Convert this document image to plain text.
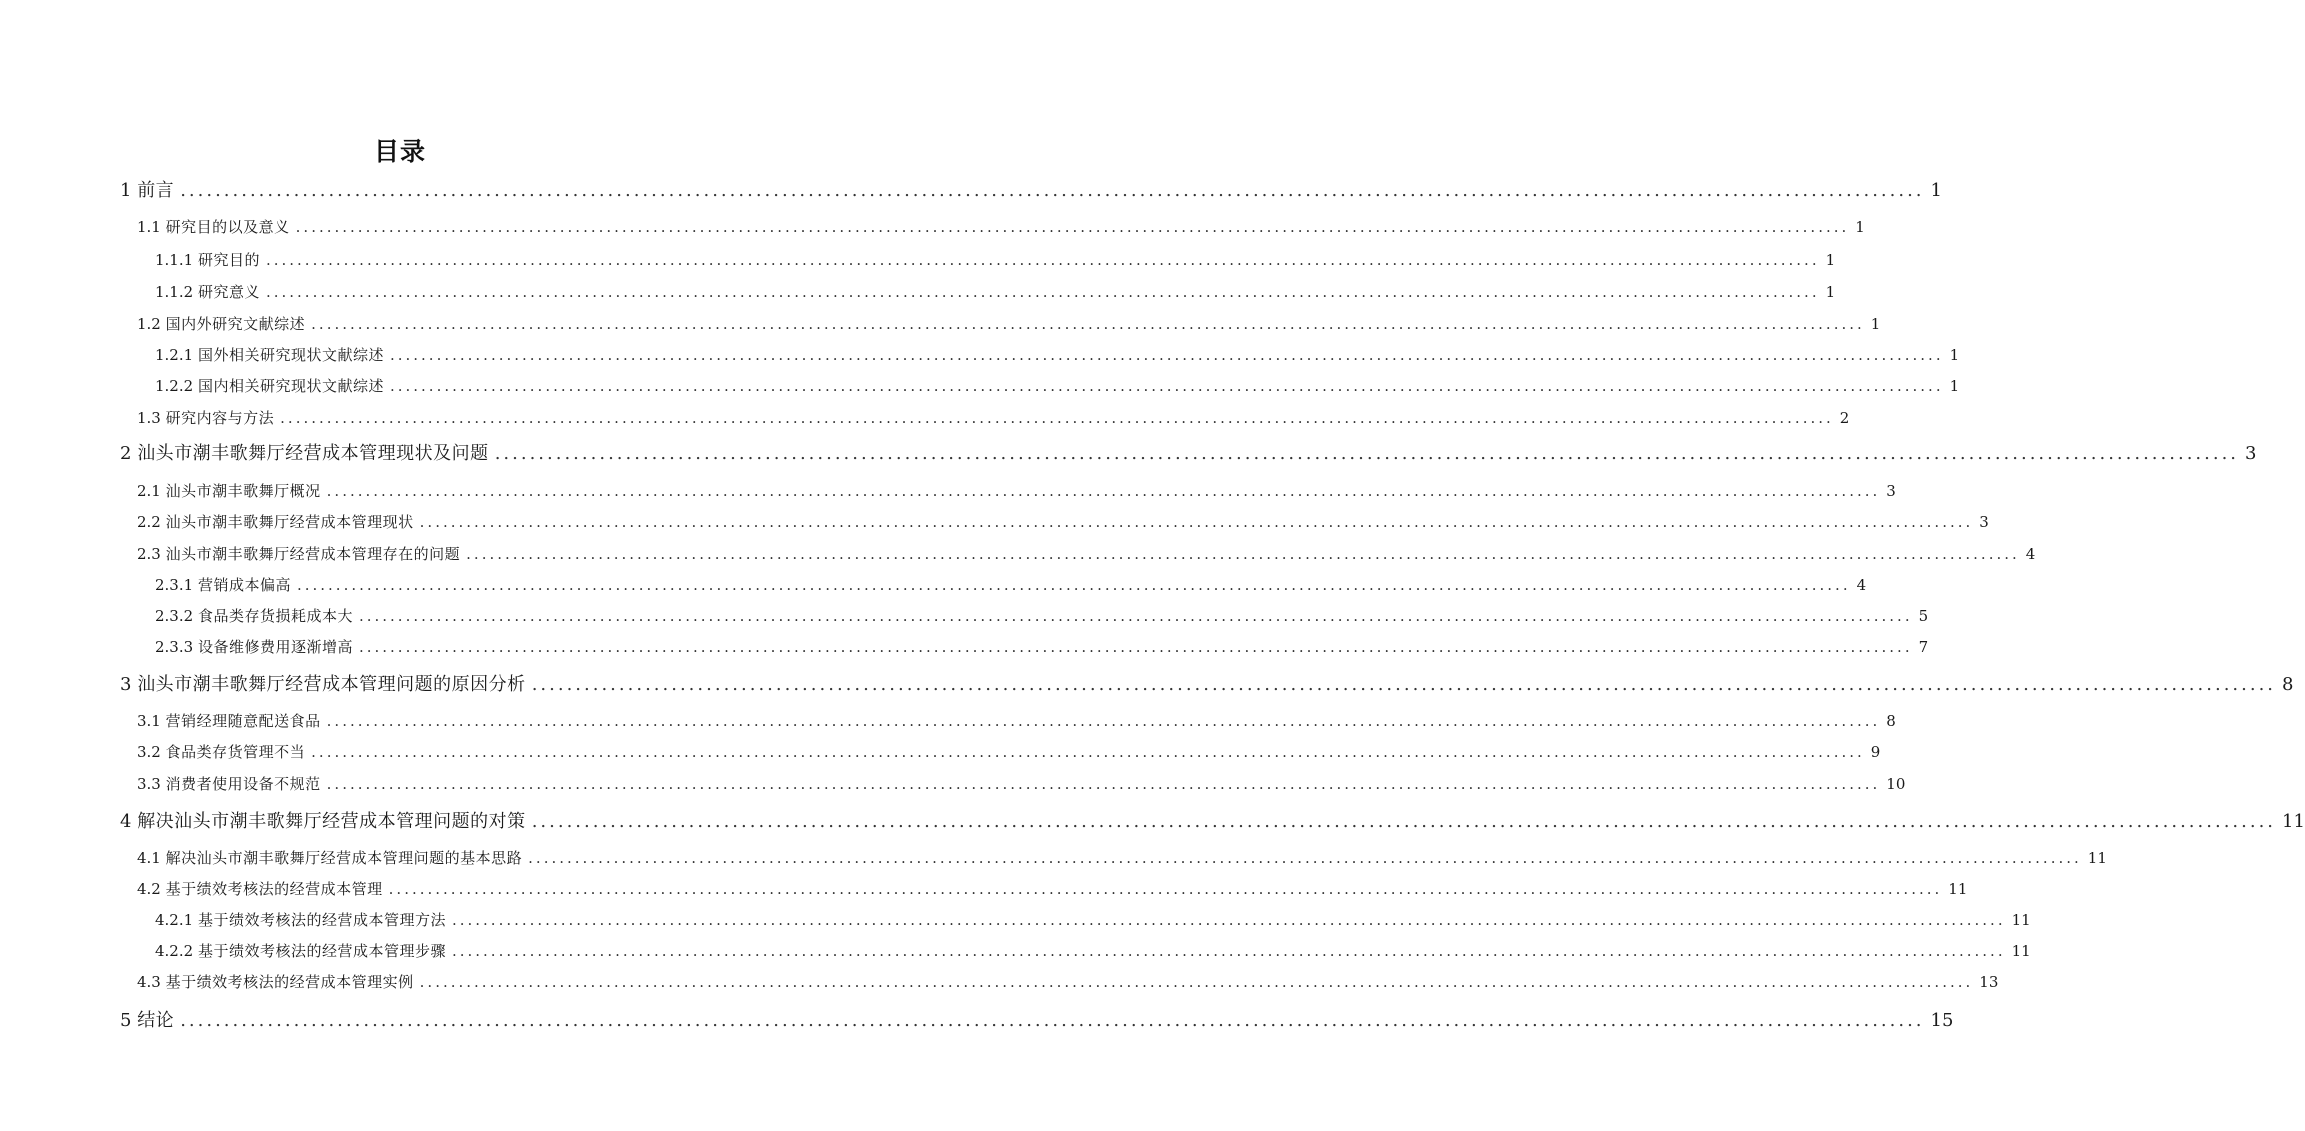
目录
1
前言 ........................................................................................................................................................................................................ 1
1.1
研究目的以及意义 ........................................................................................................................................................................................................ 1
1.1.1
研究目的 ........................................................................................................................................................................................................ 1
1.1.2
研究意义 ........................................................................................................................................................................................................ 1
1.2
国内外研究文献综述 ........................................................................................................................................................................................................ 1
1.2.1
国外相关研究现状文献综述 ........................................................................................................................................................................................................ 1
1.2.2
国内相关研究现状文献综述 ........................................................................................................................................................................................................ 1
1.3
研究内容与方法 ........................................................................................................................................................................................................ 2
2
汕头市潮丰歌舞厅经营成本管理现状及问题 ........................................................................................................................................................................................................ 3
2.1
汕头市潮丰歌舞厅概况 ........................................................................................................................................................................................................ 3
2.2
汕头市潮丰歌舞厅经营成本管理现状 ........................................................................................................................................................................................................ 3
2.3
汕头市潮丰歌舞厅经营成本管理存在的问题 ........................................................................................................................................................................................................ 4
2.3.1
营销成本偏高 ........................................................................................................................................................................................................ 4
2.3.2
食品类存货损耗成本大 ........................................................................................................................................................................................................ 5
2.3.3
设备维修费用逐渐增高 ........................................................................................................................................................................................................ 7
3
汕头市潮丰歌舞厅经营成本管理问题的原因分析 ........................................................................................................................................................................................................ 8
3.1
营销经理随意配送食品 ........................................................................................................................................................................................................ 8
3.2
食品类存货管理不当 ........................................................................................................................................................................................................ 9
3.3
消费者使用设备不规范 ........................................................................................................................................................................................................ 10
4
解决汕头市潮丰歌舞厅经营成本管理问题的对策 ........................................................................................................................................................................................................ 11
4.1
解决汕头市潮丰歌舞厅经营成本管理问题的基本思路 ........................................................................................................................................................................................................ 11
4.2
基于绩效考核法的经营成本管理 ........................................................................................................................................................................................................ 11
4.2.1
基于绩效考核法的经营成本管理方法 ........................................................................................................................................................................................................ 11
4.2.2
基于绩效考核法的经营成本管理步骤 ........................................................................................................................................................................................................ 11
4.3
基于绩效考核法的经营成本管理实例 ........................................................................................................................................................................................................ 13
5
结论 ........................................................................................................................................................................................................ 15
